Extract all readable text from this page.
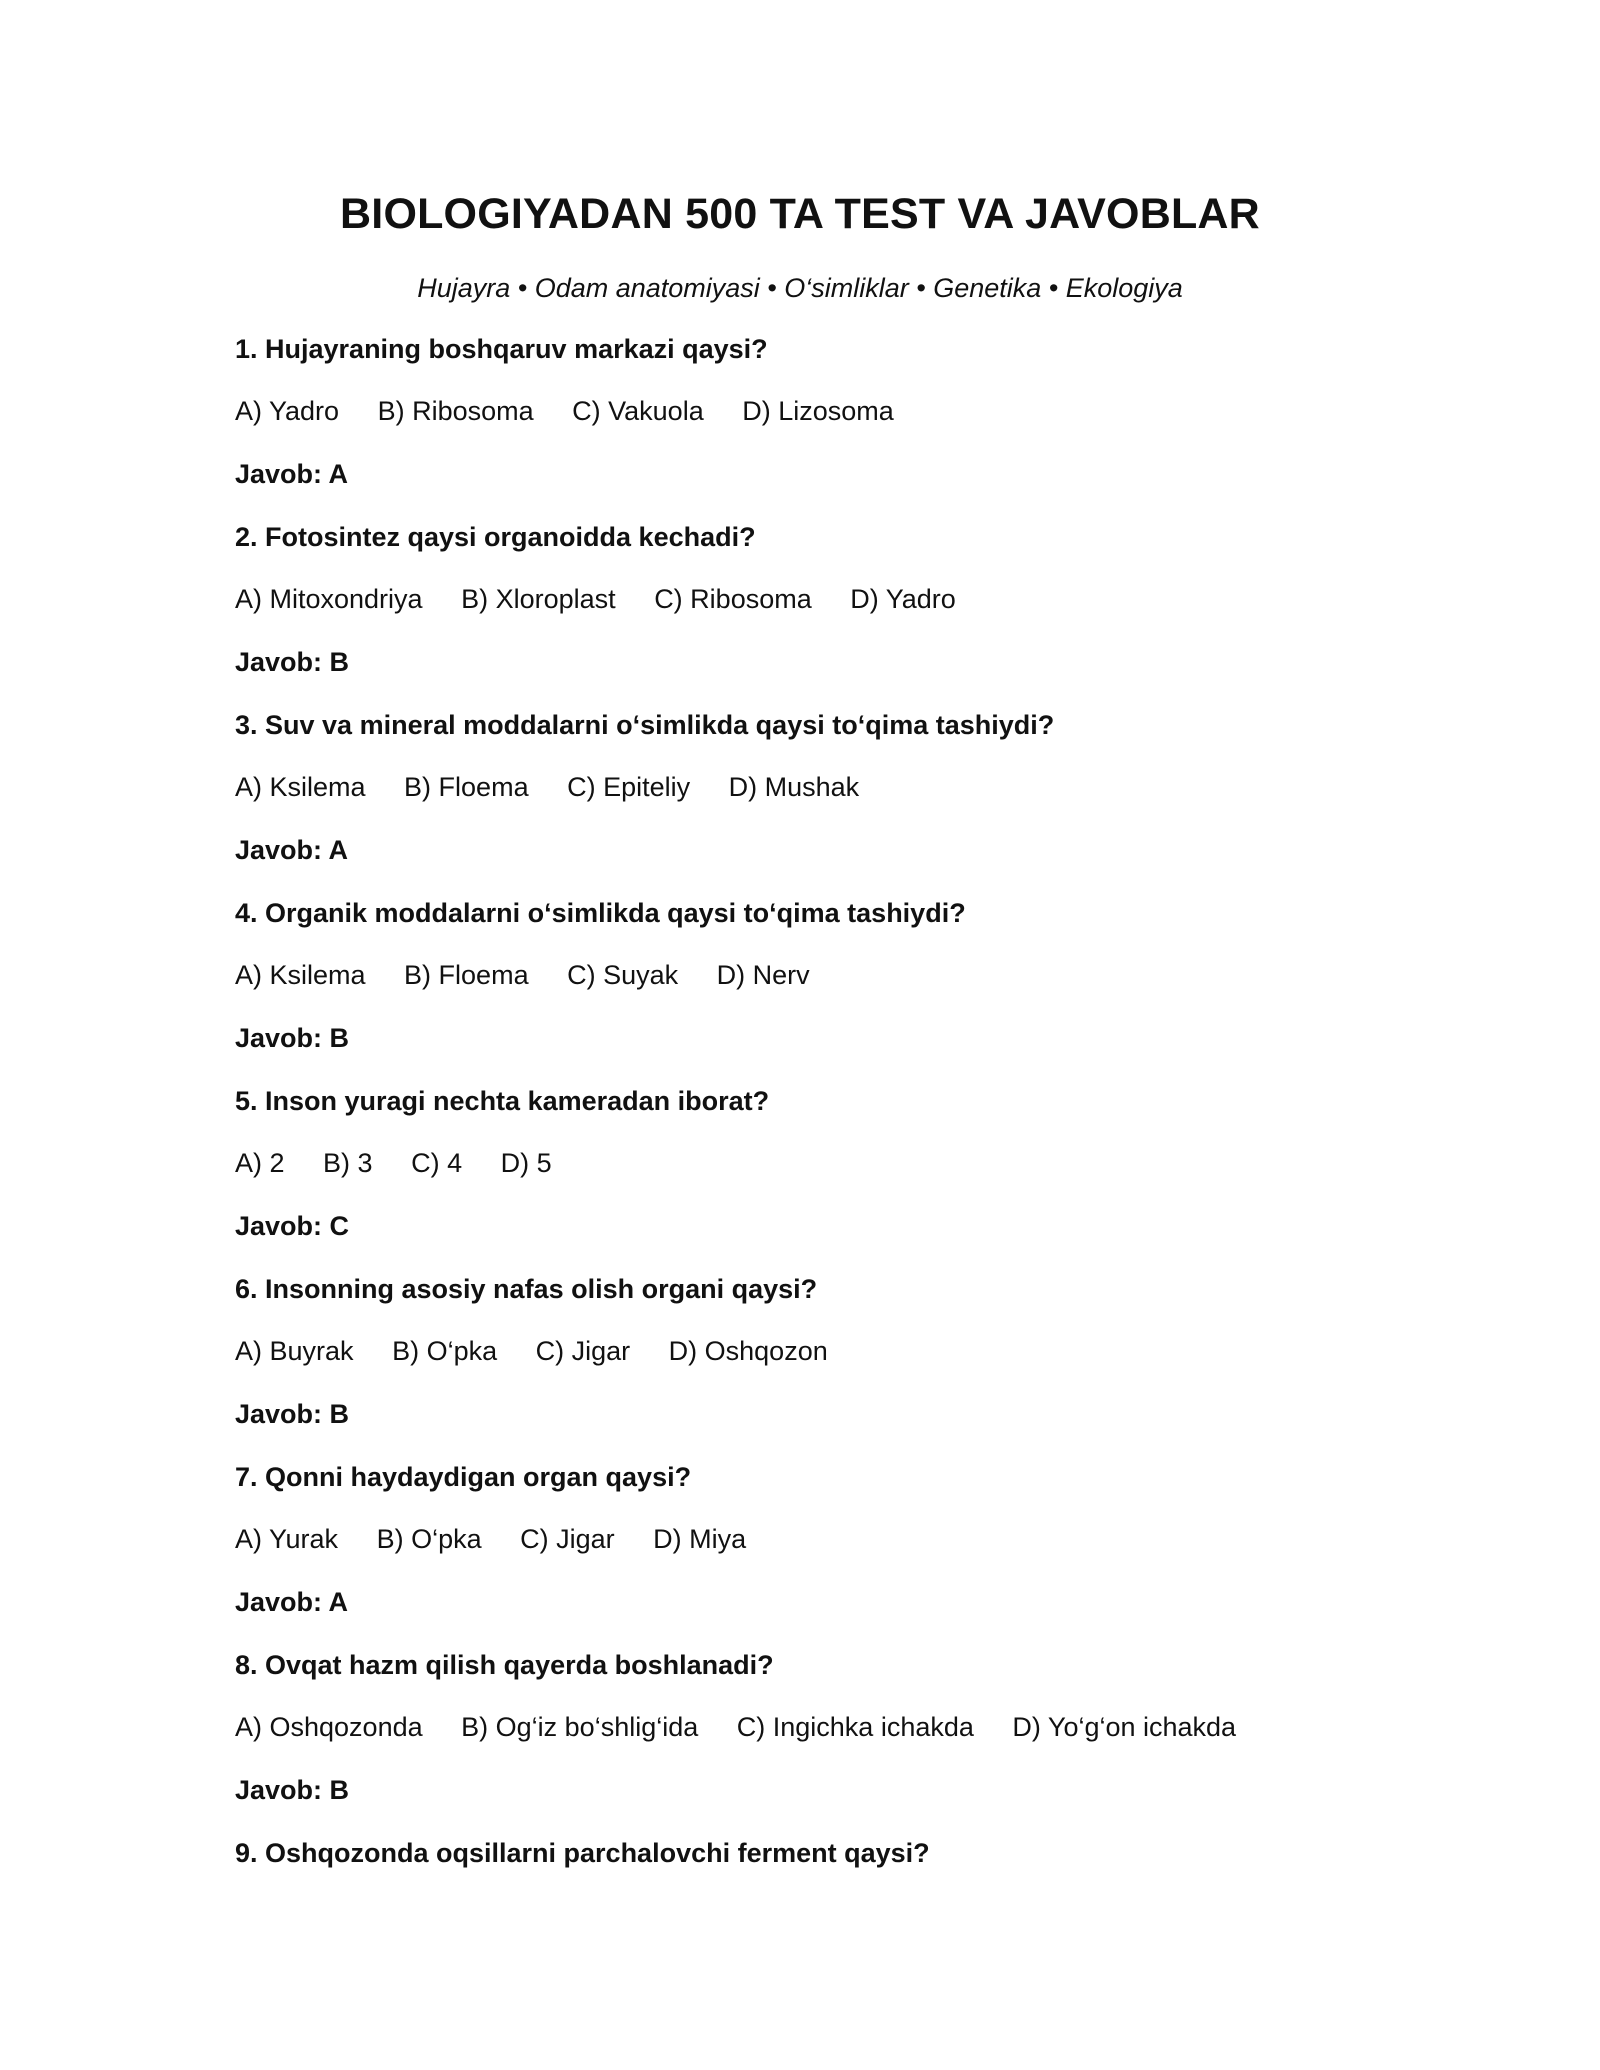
BIOLOGIYADAN 500 TA TEST VA JAVOBLAR
Hujayra • Odam anatomiyasi • O‘simliklar • Genetika • Ekologiya
1. Hujayraning boshqaruv markazi qaysi?
A) Yadro B) Ribosoma C) Vakuola D) Lizosoma
Javob: A
2. Fotosintez qaysi organoidda kechadi?
A) Mitoxondriya B) Xloroplast C) Ribosoma D) Yadro
Javob: B
3. Suv va mineral moddalarni o‘simlikda qaysi to‘qima tashiydi?
A) Ksilema B) Floema C) Epiteliy D) Mushak
Javob: A
4. Organik moddalarni o‘simlikda qaysi to‘qima tashiydi?
A) Ksilema B) Floema C) Suyak D) Nerv
Javob: B
5. Inson yuragi nechta kameradan iborat?
A) 2 B) 3 C) 4 D) 5
Javob: C
6. Insonning asosiy nafas olish organi qaysi?
A) Buyrak B) O‘pka C) Jigar D) Oshqozon
Javob: B
7. Qonni haydaydigan organ qaysi?
A) Yurak B) O‘pka C) Jigar D) Miya
Javob: A
8. Ovqat hazm qilish qayerda boshlanadi?
A) Oshqozonda B) Og‘iz bo‘shlig‘ida C) Ingichka ichakda D) Yo‘g‘on ichakda
Javob: B
9. Oshqozonda oqsillarni parchalovchi ferment qaysi?
